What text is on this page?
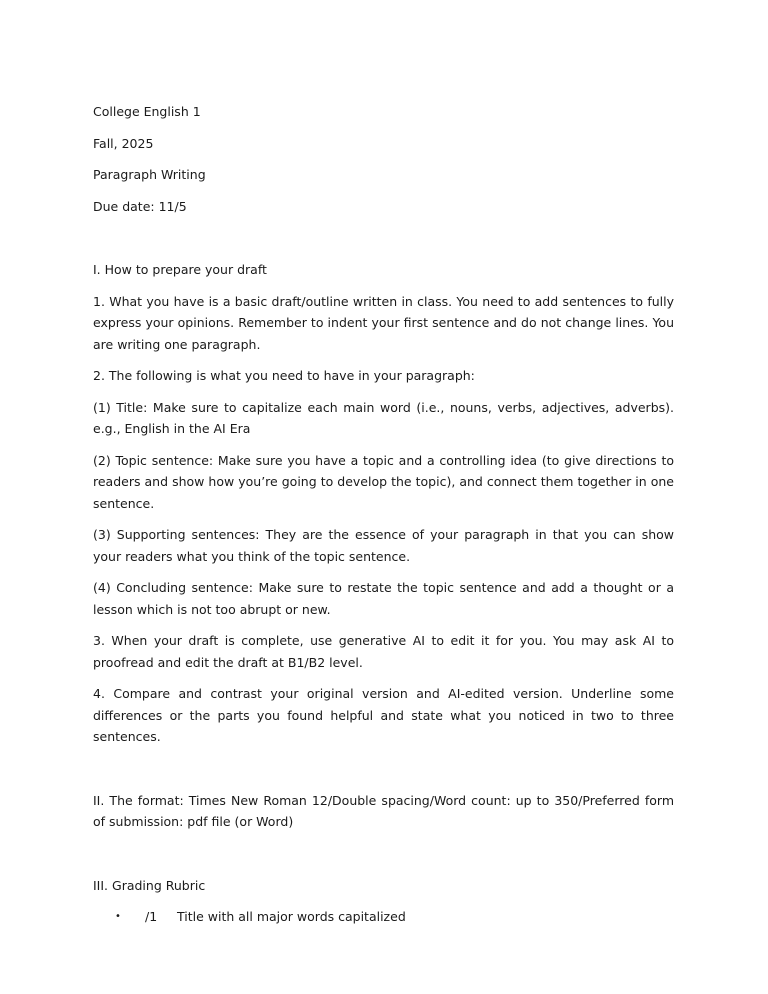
College English 1

Fall, 2025

Paragraph Writing

Due date: 11/5

I. How to prepare your draft

1. What you have is a basic draft/outline written in class. You need to add sentences to fully express your opinions. Remember to indent your first sentence and do not change lines. You are writing one paragraph.

2. The following is what you need to have in your paragraph:

(1) Title: Make sure to capitalize each main word (i.e., nouns, verbs, adjectives, adverbs). e.g., English in the AI Era

(2) Topic sentence: Make sure you have a topic and a controlling idea (to give directions to readers and show how you’re going to develop the topic), and connect them together in one sentence.

(3) Supporting sentences: They are the essence of your paragraph in that you can show your readers what you think of the topic sentence.

(4) Concluding sentence: Make sure to restate the topic sentence and add a thought or a lesson which is not too abrupt or new.

3. When your draft is complete, use generative AI to edit it for you. You may ask AI to proofread and edit the draft at B1/B2 level.

4. Compare and contrast your original version and AI-edited version. Underline some differences or the parts you found helpful and state what you noticed in two to three sentences.

II. The format: Times New Roman 12/Double spacing/Word count: up to 350/Preferred form of submission: pdf file (or Word)

III. Grading Rubric

• /1 Title with all major words capitalized
